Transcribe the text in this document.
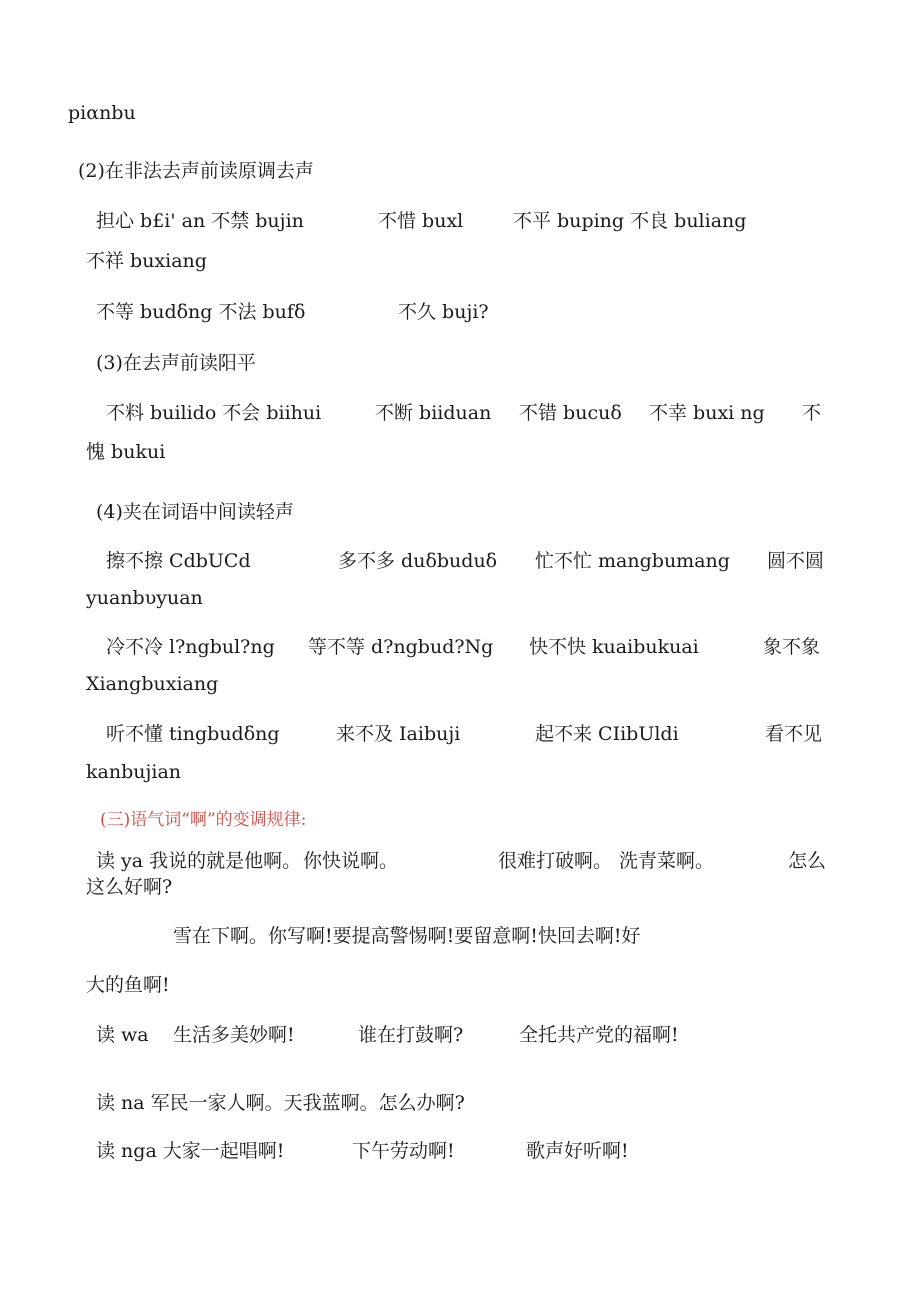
piαnbu
(2)在非法去声前读原调去声
担心 b£i' an 不禁 bujin	不惜 buxl	不平 buping 不良 buliang
不祥 buxiang
不等 budδng 不法 bufδ	不久 buji?
(3)在去声前读阳平
不料 builido 不会 biihui	不断 biiduan 不错 bucuδ 不幸 buxi ng 不
愧 bukui
(4)夹在词语中间读轻声
擦不擦 CdbUCd	多不多 duδbuduδ 忙不忙 mangbumang 圆不圆
yuanbυyuan
冷不冷 l?ngbul?ng 等不等 d?ngbud?Ng 快不快 kuaibukuai	象不象
Xiangbuxiang
听不懂 tingbudδng	来不及 Iaibuji	起不来 CIibUldi	看不见
kanbujian
(三)语气词“啊”的变调规律:
读 ya 我说的就是他啊。 你快说啊。	很难打破啊。 洗青菜啊。	怎么
这么好啊?
雪在下啊。你写啊!要提高警惕啊!要留意啊!快回去啊!好
大的鱼啊!
读 wa 生活多美妙啊!	谁在打鼓啊?	全托共产党的福啊!
读 na 军民一家人啊。天我蓝啊。怎么办啊?
读 nga 大家一起唱啊!	下午劳动啊!	歌声好听啊!
